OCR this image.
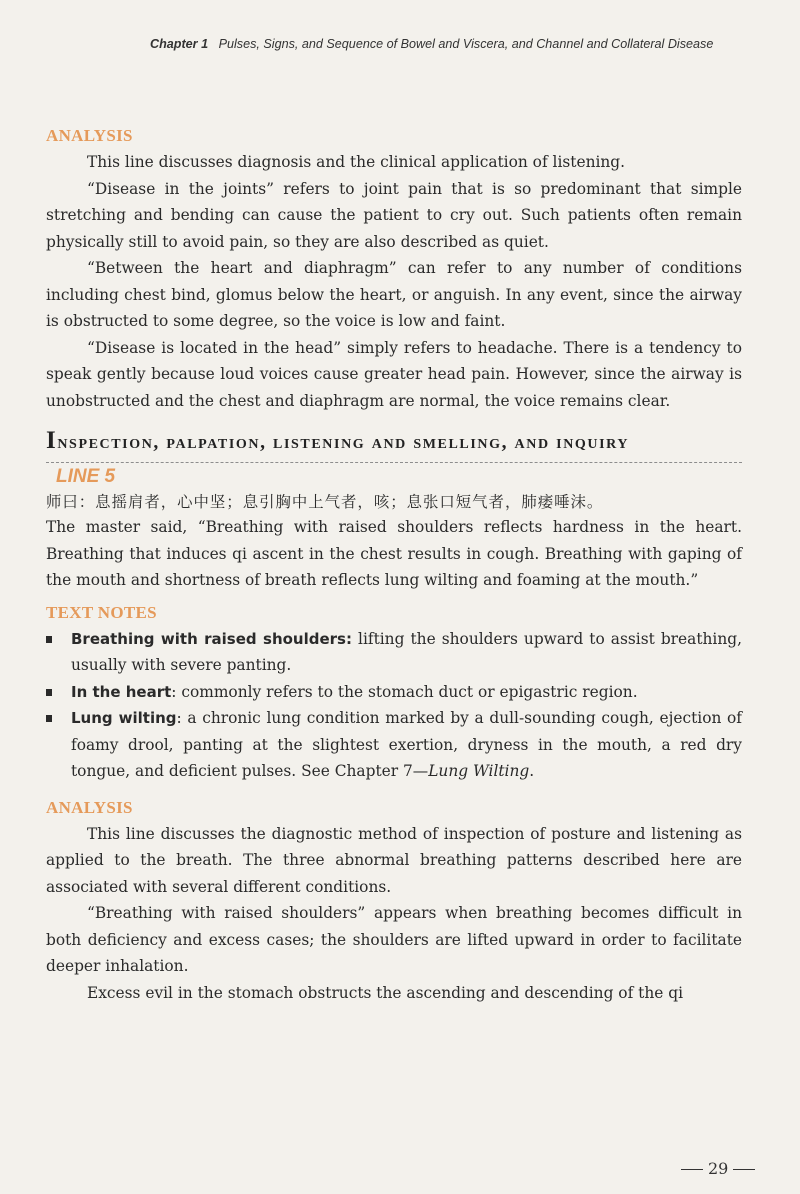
Chapter 1 Pulses, Signs, and Sequence of Bowel and Viscera, and Channel and Collateral Disease
ANALYSIS

This line discusses diagnosis and the clinical application of listening.

“Disease in the joints” refers to joint pain that is so predominant that simple stretching and bending can cause the patient to cry out. Such patients often remain physically still to avoid pain, so they are also described as quiet.

“Between the heart and diaphragm” can refer to any number of conditions including chest bind, glomus below the heart, or anguish. In any event, since the airway is obstructed to some degree, so the voice is low and faint.

“Disease is located in the head” simply refers to headache. There is a tendency to speak gently because loud voices cause greater head pain. However, since the airway is unobstructed and the chest and diaphragm are normal, the voice remains clear.

Inspection, palpation, listening and smelling, and inquiry
LINE 5

师曰：息摇肩者，心中坚；息引胸中上气者，咳；息张口短气者，肺痿唾沫。

The master said, “Breathing with raised shoulders reflects hardness in the heart. Breathing that induces qi ascent in the chest results in cough. Breathing with gaping of the mouth and shortness of breath reflects lung wilting and foaming at the mouth.”

TEXT NOTES
Breathing with raised shoulders: lifting the shoulders upward to assist breathing, usually with severe panting.
In the heart: commonly refers to the stomach duct or epigastric region.
Lung wilting: a chronic lung condition marked by a dull-sounding cough, ejection of foamy drool, panting at the slightest exertion, dryness in the mouth, a red dry tongue, and deficient pulses. See Chapter 7—Lung Wilting.
ANALYSIS

This line discusses the diagnostic method of inspection of posture and listening as applied to the breath. The three abnormal breathing patterns described here are associated with several different conditions.

“Breathing with raised shoulders” appears when breathing becomes difficult in both deficiency and excess cases; the shoulders are lifted upward in order to facilitate deeper inhalation.

Excess evil in the stomach obstructs the ascending and descending of the qi

29
